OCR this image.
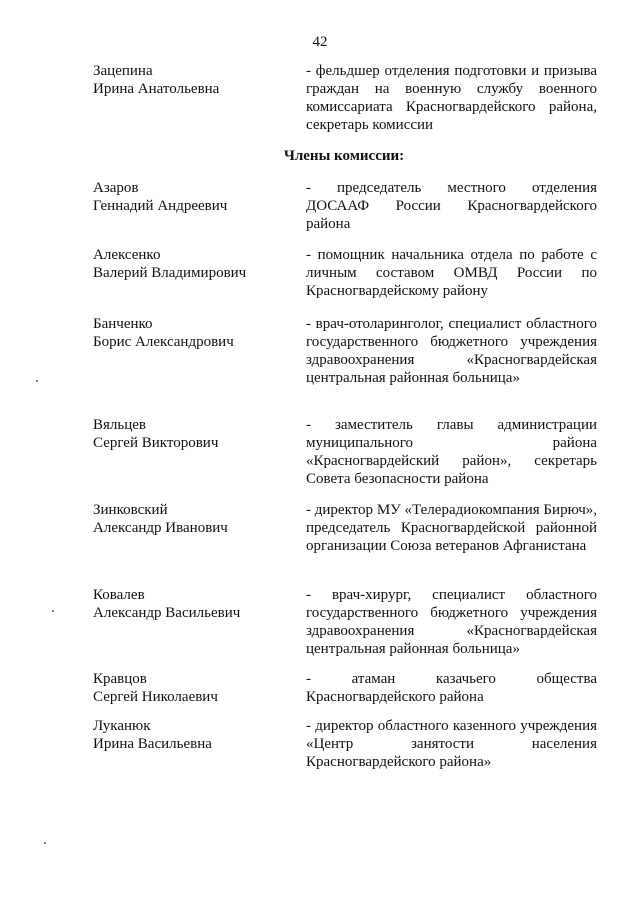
42
Зацепина
Ирина Анатольевна
- фельдшер отделения подготовки и призыва граждан на военную службу военного комиссариата Красногвардейского района, секретарь комиссии
Члены комиссии:
Азаров
Геннадий Андреевич
- председатель местного отделения ДОСААФ России Красногвардейского района
Алексенко
Валерий Владимирович
- помощник начальника отдела по работе с личным составом ОМВД России по Красногвардейскому району
Банченко
Борис Александрович
- врач-отоларинголог, специалист областного государственного бюджетного учреждения здравоохранения «Красногвардейская центральная районная больница»
Вяльцев
Сергей Викторович
- заместитель главы администрации муниципального района «Красногвардейский район», секретарь Совета безопасности района
Зинковский
Александр Иванович
- директор МУ «Телерадиокомпания Бирюч», председатель Красногвардейской районной организации Союза ветеранов Афганистана
Ковалев
Александр Васильевич
- врач-хирург, специалист областного государственного бюджетного учреждения здравоохранения «Красногвардейская центральная районная больница»
Кравцов
Сергей Николаевич
- атаман казачьего общества Красногвардейского района
Луканюк
Ирина Васильевна
- директор областного казенного учреждения «Центр занятости населения Красногвардейского района»
